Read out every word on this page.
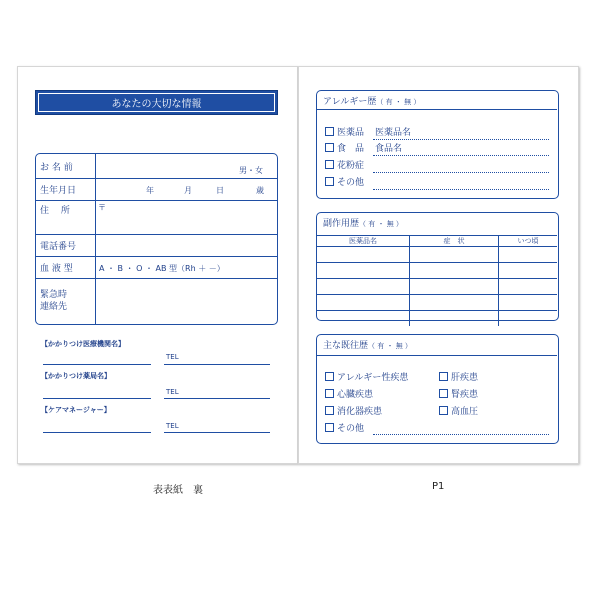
あなたの大切な情報
お 名 前	男・女
生年月日	年	月	日	歳
住　 所	〒
電話番号
血 液 型	A ・ B ・ O ・ AB 型（Rh ＋ －）
緊急時
連絡先
【かかりつけ医療機関名】
TEL
【かかりつけ薬局名】
TEL
【ケアマネージャー】
TEL
アレルギー歴（ 有 ・ 無 ）
医薬品 医薬品名
食　品 食品名
花粉症
その他
副作用歴（ 有 ・ 無 ）
医薬品名	症　状	いつ頃

主な既往歴（ 有 ・ 無 ）
アレルギー性疾患
心臓疾患
消化器疾患
その他
肝疾患
腎疾患
高血圧
表表紙　裏	P1
